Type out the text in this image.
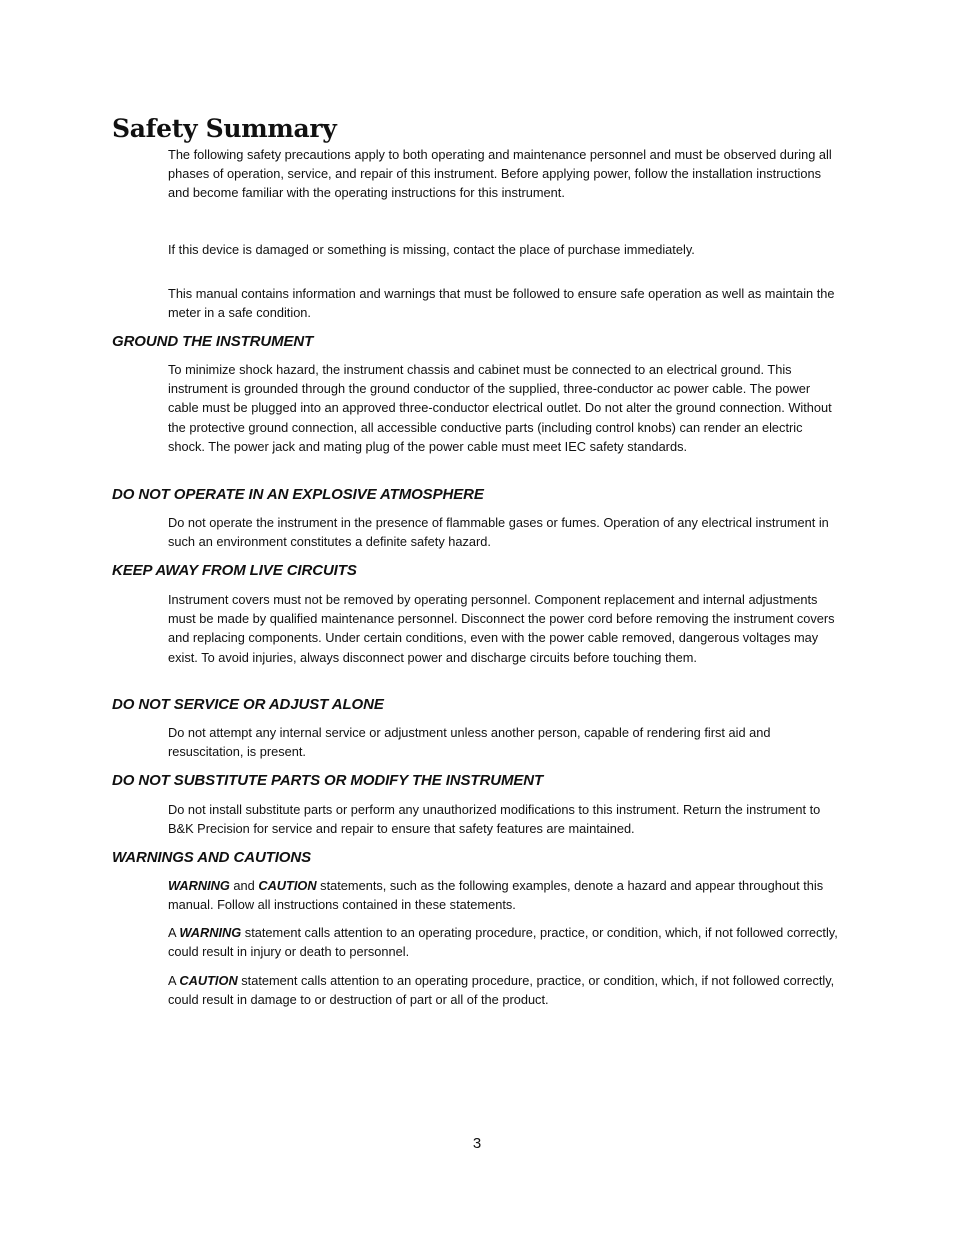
Safety Summary

The following safety precautions apply to both operating and maintenance personnel and must be observed during all phases of operation, service, and repair of this instrument. Before applying power, follow the installation instructions and become familiar with the operating instructions for this instrument.

If this device is damaged or something is missing, contact the place of purchase immediately.

This manual contains information and warnings that must be followed to ensure safe operation as well as maintain the meter in a safe condition.

GROUND THE INSTRUMENT

To minimize shock hazard, the instrument chassis and cabinet must be connected to an electrical ground. This instrument is grounded through the ground conductor of the supplied, three-conductor ac power cable. The power cable must be plugged into an approved three-conductor electrical outlet. Do not alter the ground connection. Without the protective ground connection, all accessible conductive parts (including control knobs) can render an electric shock. The power jack and mating plug of the power cable must meet IEC safety standards.

DO NOT OPERATE IN AN EXPLOSIVE ATMOSPHERE

Do not operate the instrument in the presence of flammable gases or fumes. Operation of any electrical instrument in such an environment constitutes a definite safety hazard.

KEEP AWAY FROM LIVE CIRCUITS

Instrument covers must not be removed by operating personnel. Component replacement and internal adjustments must be made by qualified maintenance personnel. Disconnect the power cord before removing the instrument covers and replacing components. Under certain conditions, even with the power cable removed, dangerous voltages may exist. To avoid injuries, always disconnect power and discharge circuits before touching them.

DO NOT SERVICE OR ADJUST ALONE

Do not attempt any internal service or adjustment unless another person, capable of rendering first aid and resuscitation, is present.

DO NOT SUBSTITUTE PARTS OR MODIFY THE INSTRUMENT

Do not install substitute parts or perform any unauthorized modifications to this instrument. Return the instrument to B&K Precision for service and repair to ensure that safety features are maintained.

WARNINGS AND CAUTIONS

WARNING and CAUTION statements, such as the following examples, denote a hazard and appear throughout this manual. Follow all instructions contained in these statements.

A WARNING statement calls attention to an operating procedure, practice, or condition, which, if not followed correctly, could result in injury or death to personnel.

A CAUTION statement calls attention to an operating procedure, practice, or condition, which, if not followed correctly, could result in damage to or destruction of part or all of the product.

3
